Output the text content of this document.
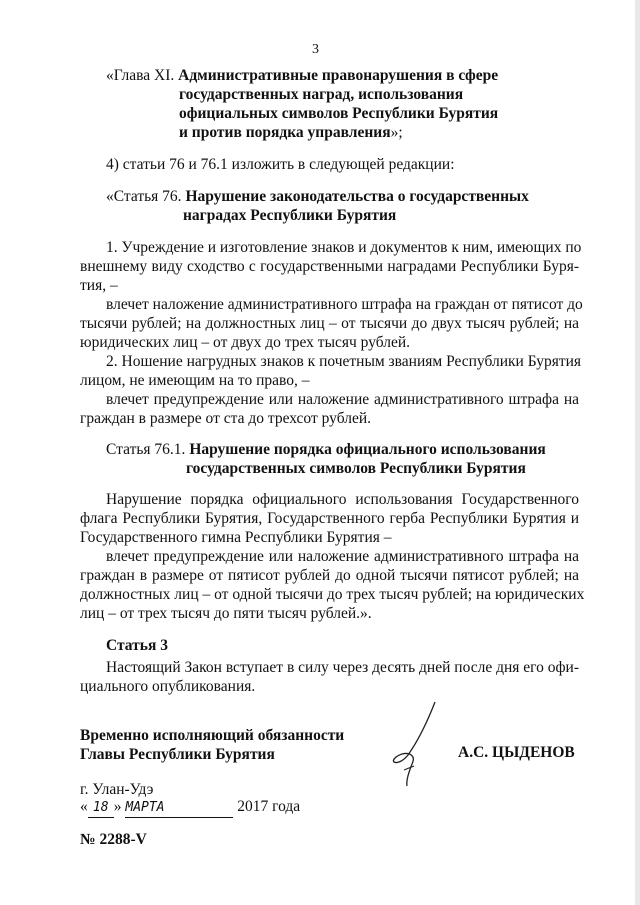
3
«Глава XI. Административные правонарушения в сфере
государственных наград, использования
официальных символов Республики Бурятия
и против порядка управления»;
4) статьи 76 и 76.1 изложить в следующей редакции:
«Статья 76. Нарушение законодательства о государственных
наградах Республики Бурятия
1. Учреждение и изготовление знаков и документов к ним, имеющих по
внешнему виду сходство с государственными наградами Республики Буря-
тия, –
влечет наложение административного штрафа на граждан от пятисот до
тысячи рублей; на должностных лиц – от тысячи до двух тысяч рублей; на
юридических лиц – от двух до трех тысяч рублей.
2. Ношение нагрудных знаков к почетным званиям Республики Бурятия
лицом, не имеющим на то право, –
влечет предупреждение или наложение административного штрафа на
граждан в размере от ста до трехсот рублей.
Статья 76.1. Нарушение порядка официального использования
государственных символов Республики Бурятия
Нарушение порядка официального использования Государственного
флага Республики Бурятия, Государственного герба Республики Бурятия и
Государственного гимна Республики Бурятия –
влечет предупреждение или наложение административного штрафа на
граждан в размере от пятисот рублей до одной тысячи пятисот рублей; на
должностных лиц – от одной тысячи до трех тысяч рублей; на юридических
лиц – от трех тысяч до пяти тысяч рублей.».
Статья 3
Настоящий Закон вступает в силу через десять дней после дня его офи-
циального опубликования.
Временно исполняющий обязанности
Главы Республики Бурятия	А.С. ЦЫДЕНОВ
г. Улан-Удэ
« 18 » МАРТА	2017 года
№ 2288-V
